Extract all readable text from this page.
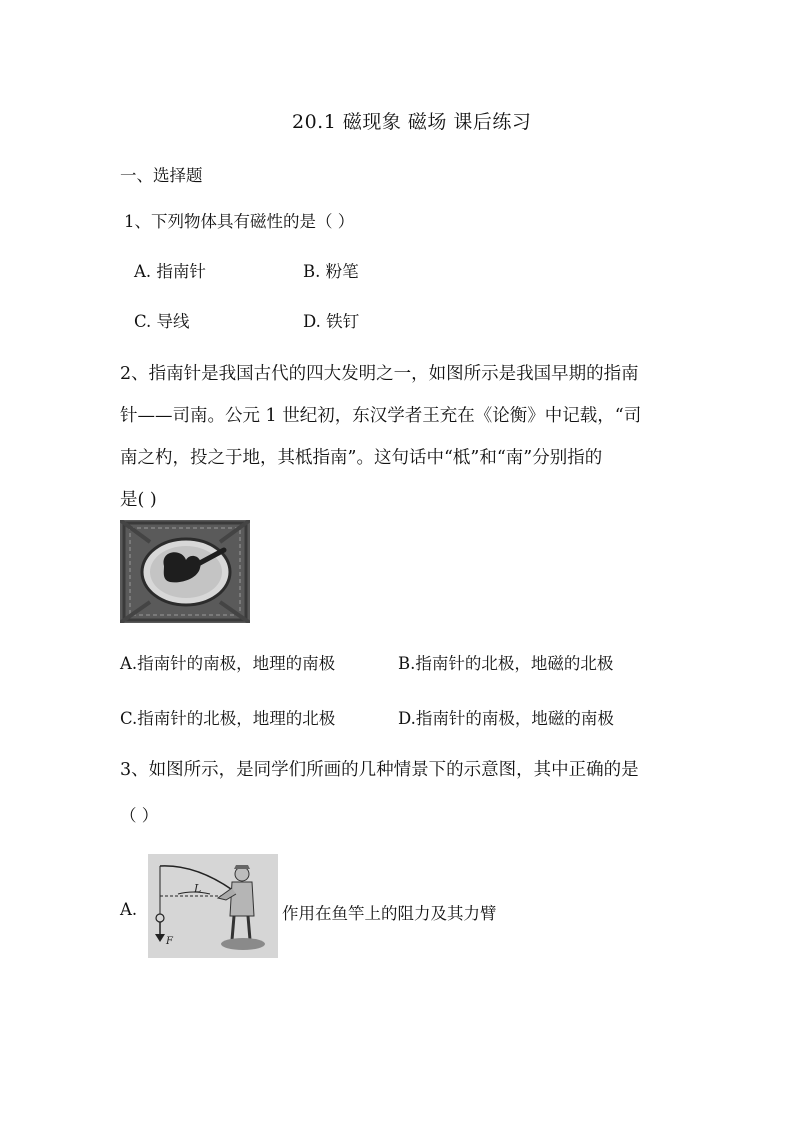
20.1 磁现象 磁场 课后练习
一、选择题
1、下列物体具有磁性的是（ ）
A. 指南针	B. 粉笔
C. 导线	D. 铁钉
2、指南针是我国古代的四大发明之一，如图所示是我国早期的指南
针——司南。公元 1 世纪初，东汉学者王充在《论衡》中记载，“司
南之杓，投之于地，其柢指南”。这句话中“柢”和“南”分别指的
是( )
A.指南针的南极，地理的南极	B.指南针的北极，地磁的北极
C.指南针的北极，地理的北极	D.指南针的南极，地磁的南极
3、如图所示，是同学们所画的几种情景下的示意图，其中正确的是
（ ）
A.
L
F
作用在鱼竿上的阻力及其力臂
